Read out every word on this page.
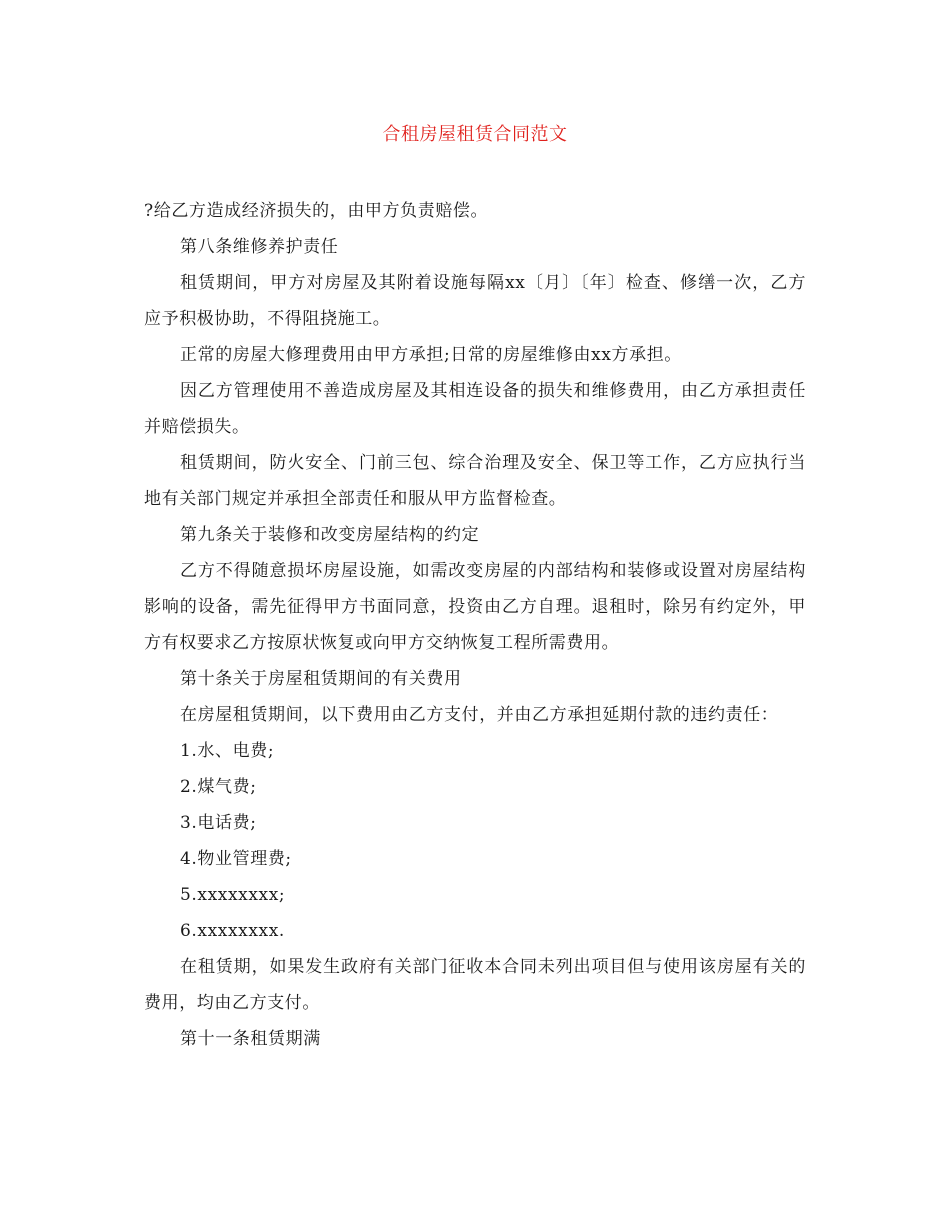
合租房屋租赁合同范文

?给乙方造成经济损失的，由甲方负责赔偿。

第八条维修养护责任

租赁期间，甲方对房屋及其附着设施每隔xx〔月〕〔年〕检查、修缮一次，乙方应予积极协助，不得阻挠施工。

正常的房屋大修理费用由甲方承担;日常的房屋维修由xx方承担。

因乙方管理使用不善造成房屋及其相连设备的损失和维修费用，由乙方承担责任并赔偿损失。

租赁期间，防火安全、门前三包、综合治理及安全、保卫等工作，乙方应执行当地有关部门规定并承担全部责任和服从甲方监督检查。

第九条关于装修和改变房屋结构的约定

乙方不得随意损坏房屋设施，如需改变房屋的内部结构和装修或设置对房屋结构影响的设备，需先征得甲方书面同意，投资由乙方自理。退租时，除另有约定外，甲方有权要求乙方按原状恢复或向甲方交纳恢复工程所需费用。

第十条关于房屋租赁期间的有关费用

在房屋租赁期间，以下费用由乙方支付，并由乙方承担延期付款的违约责任：

1.水、电费;

2.煤气费;

3.电话费;

4.物业管理费;

5.xxxxxxxx;

6.xxxxxxxx.

在租赁期，如果发生政府有关部门征收本合同未列出项目但与使用该房屋有关的费用，均由乙方支付。

第十一条租赁期满
